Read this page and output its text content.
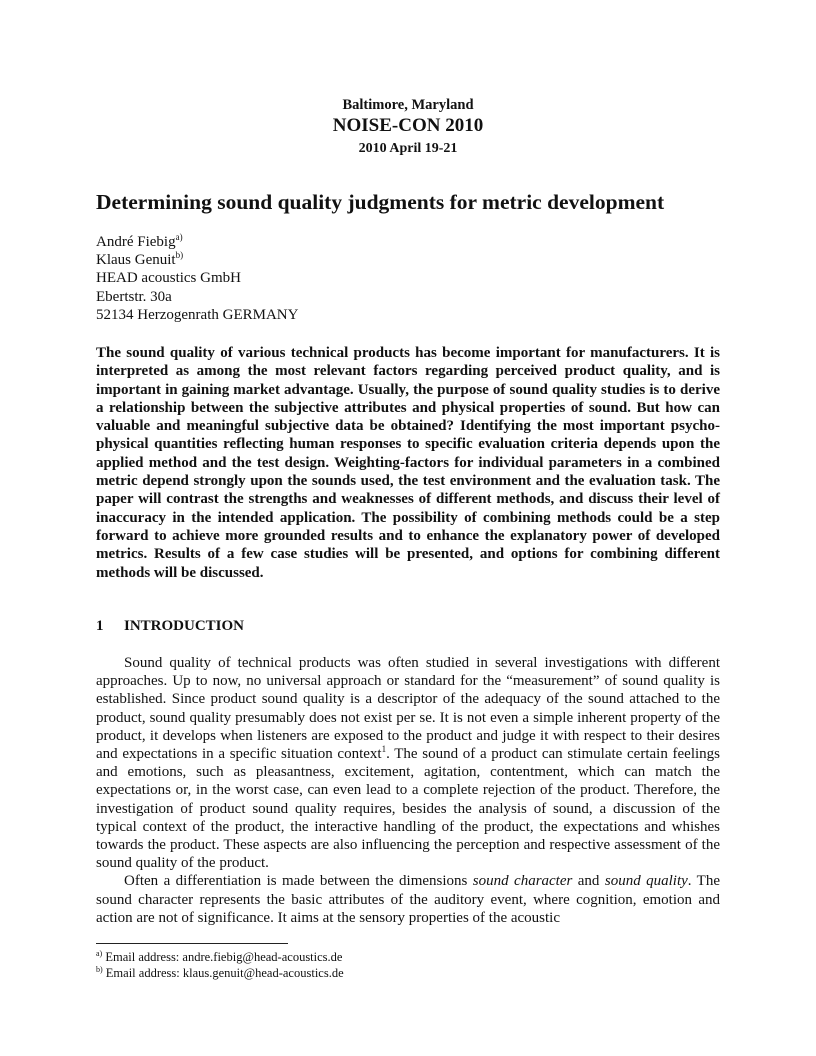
Baltimore, Maryland
NOISE-CON 2010
2010 April 19-21
Determining sound quality judgments for metric development
André Fiebig$^{a)}$
Klaus Genuit$^{b)}$
HEAD acoustics GmbH
Ebertstr. 30a
52134 Herzogenrath GERMANY
The sound quality of various technical products has become important for manufacturers. It is interpreted as among the most relevant factors regarding perceived product quality, and is important in gaining market advantage. Usually, the purpose of sound quality studies is to derive a relationship between the subjective attributes and physical properties of sound. But how can valuable and meaningful subjective data be obtained? Identifying the most important psycho-physical quantities reflecting human responses to specific evaluation criteria depends upon the applied method and the test design. Weighting-factors for individual parameters in a combined metric depend strongly upon the sounds used, the test environment and the evaluation task. The paper will contrast the strengths and weaknesses of different methods, and discuss their level of inaccuracy in the intended application. The possibility of combining methods could be a step forward to achieve more grounded results and to enhance the explanatory power of developed metrics. Results of a few case studies will be presented, and options for combining different methods will be discussed.
1 INTRODUCTION

Sound quality of technical products was often studied in several investigations with different approaches. Up to now, no universal approach or standard for the “measurement” of sound quality is established. Since product sound quality is a descriptor of the adequacy of the sound attached to the product, sound quality presumably does not exist per se. It is not even a simple inherent property of the product, it develops when listeners are exposed to the product and judge it with respect to their desires and expectations in a specific situation context$^1$. The sound of a product can stimulate certain feelings and emotions, such as pleasantness, excitement, agitation, contentment, which can match the expectations or, in the worst case, can even lead to a complete rejection of the product. Therefore, the investigation of product sound quality requires, besides the analysis of sound, a discussion of the typical context of the product, the interactive handling of the product, the expectations and whishes towards the product. These aspects are also influencing the perception and respective assessment of the sound quality of the product.

Often a differentiation is made between the dimensions sound character and sound quality. The sound character represents the basic attributes of the auditory event, where cognition, emotion and action are not of significance. It aims at the sensory properties of the acoustic

$^{a)}$ Email address: andre.fiebig@head-acoustics.de
$^{b)}$ Email address: klaus.genuit@head-acoustics.de
